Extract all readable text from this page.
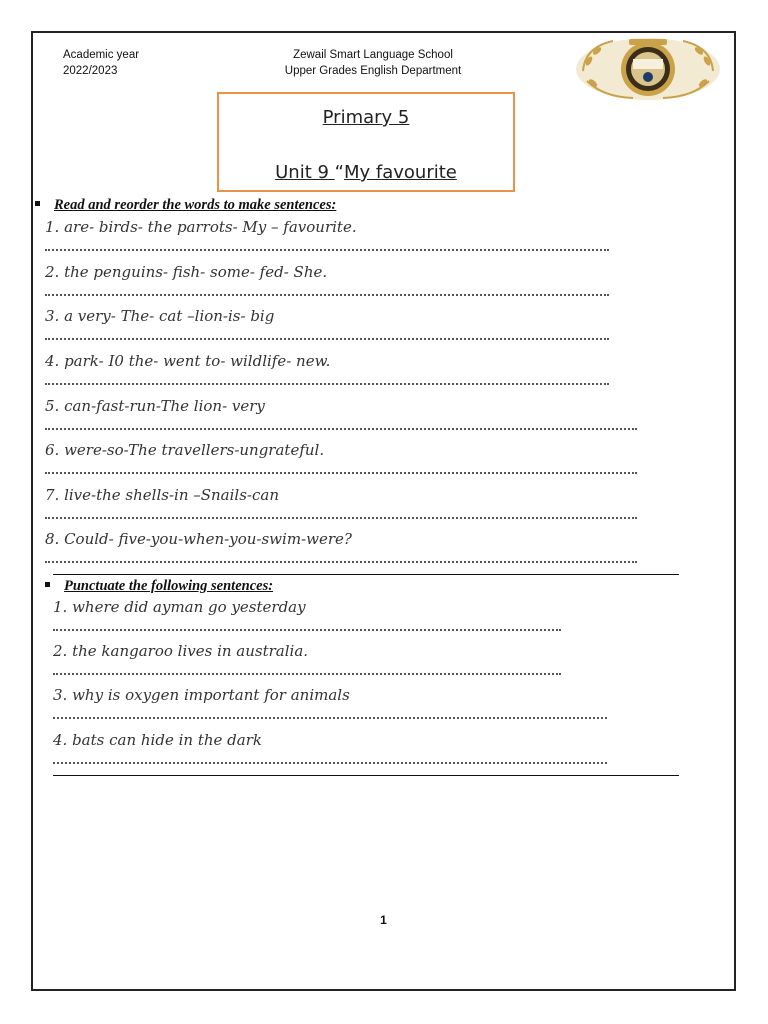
Academic year
2022/2023
Zewail Smart Language School
Upper Grades English Department
Primary 5
Unit 9 “My favourite
Read and reorder the words to make sentences:
1. are- birds- the parrots- My – favourite.
2. the penguins- fish- some- fed- She.
3. a very- The- cat –lion-is- big
4. park- I0 the- went to- wildlife- new.
5. can-fast-run-The lion- very
6. were-so-The travellers-ungrateful.
7. live-the shells-in –Snails-can
8. Could- five-you-when-you-swim-were?
Punctuate the following sentences:
1. where did ayman go yesterday
2. the kangaroo lives in australia.
3. why is oxygen important for animals
4. bats can hide in the dark
1
